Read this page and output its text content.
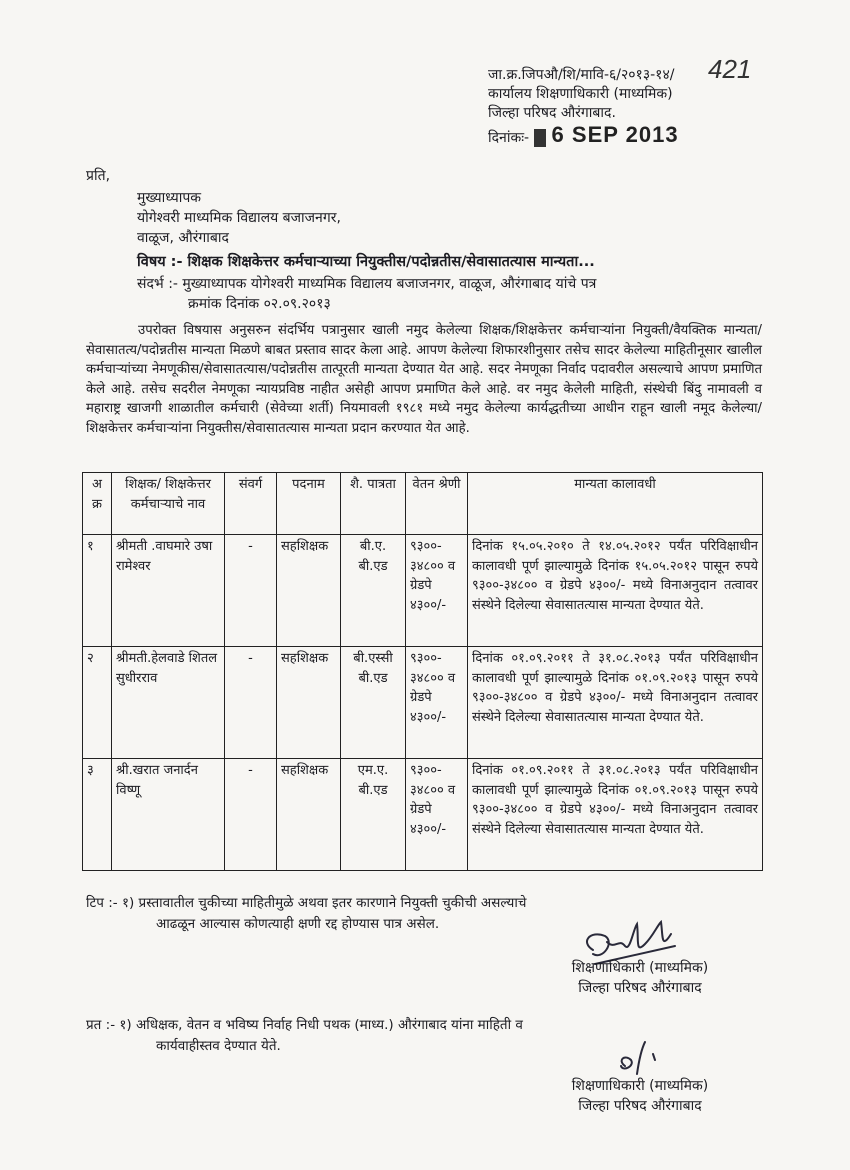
जा.क्र.जिपऔ/शि/मावि-६/२०१३-१४/ 421
कार्यालय शिक्षणाधिकारी (माध्यमिक)
जिल्हा परिषद औरंगाबाद.
दिनांकः- 6 SEP 2013
प्रति,
मुख्याध्यापक
योगेश्वरी माध्यमिक विद्यालय बजाजनगर,
वाळूज, औरंगाबाद
विषय :- शिक्षक शिक्षकेत्तर कर्मचाऱ्याच्या नियुक्तीस/पदोन्नतीस/सेवासातत्यास मान्यता...
संदर्भ :- मुख्याध्यापक योगेश्वरी माध्यमिक विद्यालय बजाजनगर, वाळूज, औरंगाबाद यांचे पत्र
क्रमांक दिनांक ०२.०९.२०१३
उपरोक्त विषयास अनुसरुन संदर्भिय पत्रानुसार खाली नमुद केलेल्या शिक्षक/शिक्षकेत्तर कर्मचाऱ्यांना नियुक्ती/वैयक्तिक मान्यता/सेवासातत्य/पदोन्नतीस मान्यता मिळणे बाबत प्रस्ताव सादर केला आहे. आपण केलेल्या शिफारशीनुसार तसेच सादर केलेल्या माहितीनूसार खालील कर्मचाऱ्यांच्या नेमणूकीस/सेवासातत्यास/पदोन्नतीस तात्पूरती मान्यता देण्यात येत आहे. सदर नेमणूका निर्वाद पदावरील असल्याचे आपण प्रमाणित केले आहे. तसेच सदरील नेमणूका न्यायप्रविष्ठ नाहीत असेही आपण प्रमाणित केले आहे. वर नमुद केलेली माहिती, संस्थेची बिंदु नामावली व महाराष्ट्र खाजगी शाळातील कर्मचारी (सेवेच्या शर्ती) नियमावली १९८१ मध्ये नमुद केलेल्या कार्यद्धतीच्या आधीन राहून खाली नमूद केलेल्या/शिक्षकेत्तर कर्मचाऱ्यांना नियुक्तीस/सेवासातत्यास मान्यता प्रदान करण्यात येत आहे.
अ क्र	शिक्षक/ शिक्षकेत्तर कर्मचाऱ्याचे नाव	संवर्ग	पदनाम	शै. पात्रता	वेतन श्रेणी	मान्यता कालावधी
१	श्रीमती .वाघमारे उषा रामेश्वर	-	सहशिक्षक	बी.ए. बी.एड	९३००- ३४८०० व ग्रेडपे ४३००/-	दिनांक १५.०५.२०१० ते १४.०५.२०१२ पर्यंत परिविक्षाधीन कालावधी पूर्ण झाल्यामुळे दिनांक १५.०५.२०१२ पासून रुपये ९३००-३४८०० व ग्रेडपे ४३००/- मध्ये विनाअनुदान तत्वावर संस्थेने दिलेल्या सेवासातत्यास मान्यता देण्यात येते.
२	श्रीमती.हेलवाडे शितल सुधीरराव	-	सहशिक्षक	बी.एस्सी बी.एड	९३००- ३४८०० व ग्रेडपे ४३००/-	दिनांक ०१.०९.२०११ ते ३१.०८.२०१३ पर्यंत परिविक्षाधीन कालावधी पूर्ण झाल्यामुळे दिनांक ०१.०९.२०१३ पासून रुपये ९३००-३४८०० व ग्रेडपे ४३००/- मध्ये विनाअनुदान तत्वावर संस्थेने दिलेल्या सेवासातत्यास मान्यता देण्यात येते.
३	श्री.खरात जनार्दन विष्णू	-	सहशिक्षक	एम.ए. बी.एड	९३००- ३४८०० व ग्रेडपे ४३००/-	दिनांक ०१.०९.२०११ ते ३१.०८.२०१३ पर्यंत परिविक्षाधीन कालावधी पूर्ण झाल्यामुळे दिनांक ०१.०९.२०१३ पासून रुपये ९३००-३४८०० व ग्रेडपे ४३००/- मध्ये विनाअनुदान तत्वावर संस्थेने दिलेल्या सेवासातत्यास मान्यता देण्यात येते.
टिप :- १) प्रस्तावातील चुकीच्या माहितीमुळे अथवा इतर कारणाने नियुक्ती चुकीची असल्याचे
आढळून आल्यास कोणत्याही क्षणी रद्द होण्यास पात्र असेल.
शिक्षणाधिकारी (माध्यमिक)
जिल्हा परिषद औरंगाबाद
प्रत :- १) अधिक्षक, वेतन व भविष्य निर्वाह निधी पथक (माध्य.) औरंगाबाद यांना माहिती व
कार्यवाहीस्तव देण्यात येते.
शिक्षणाधिकारी (माध्यमिक)
जिल्हा परिषद औरंगाबाद
